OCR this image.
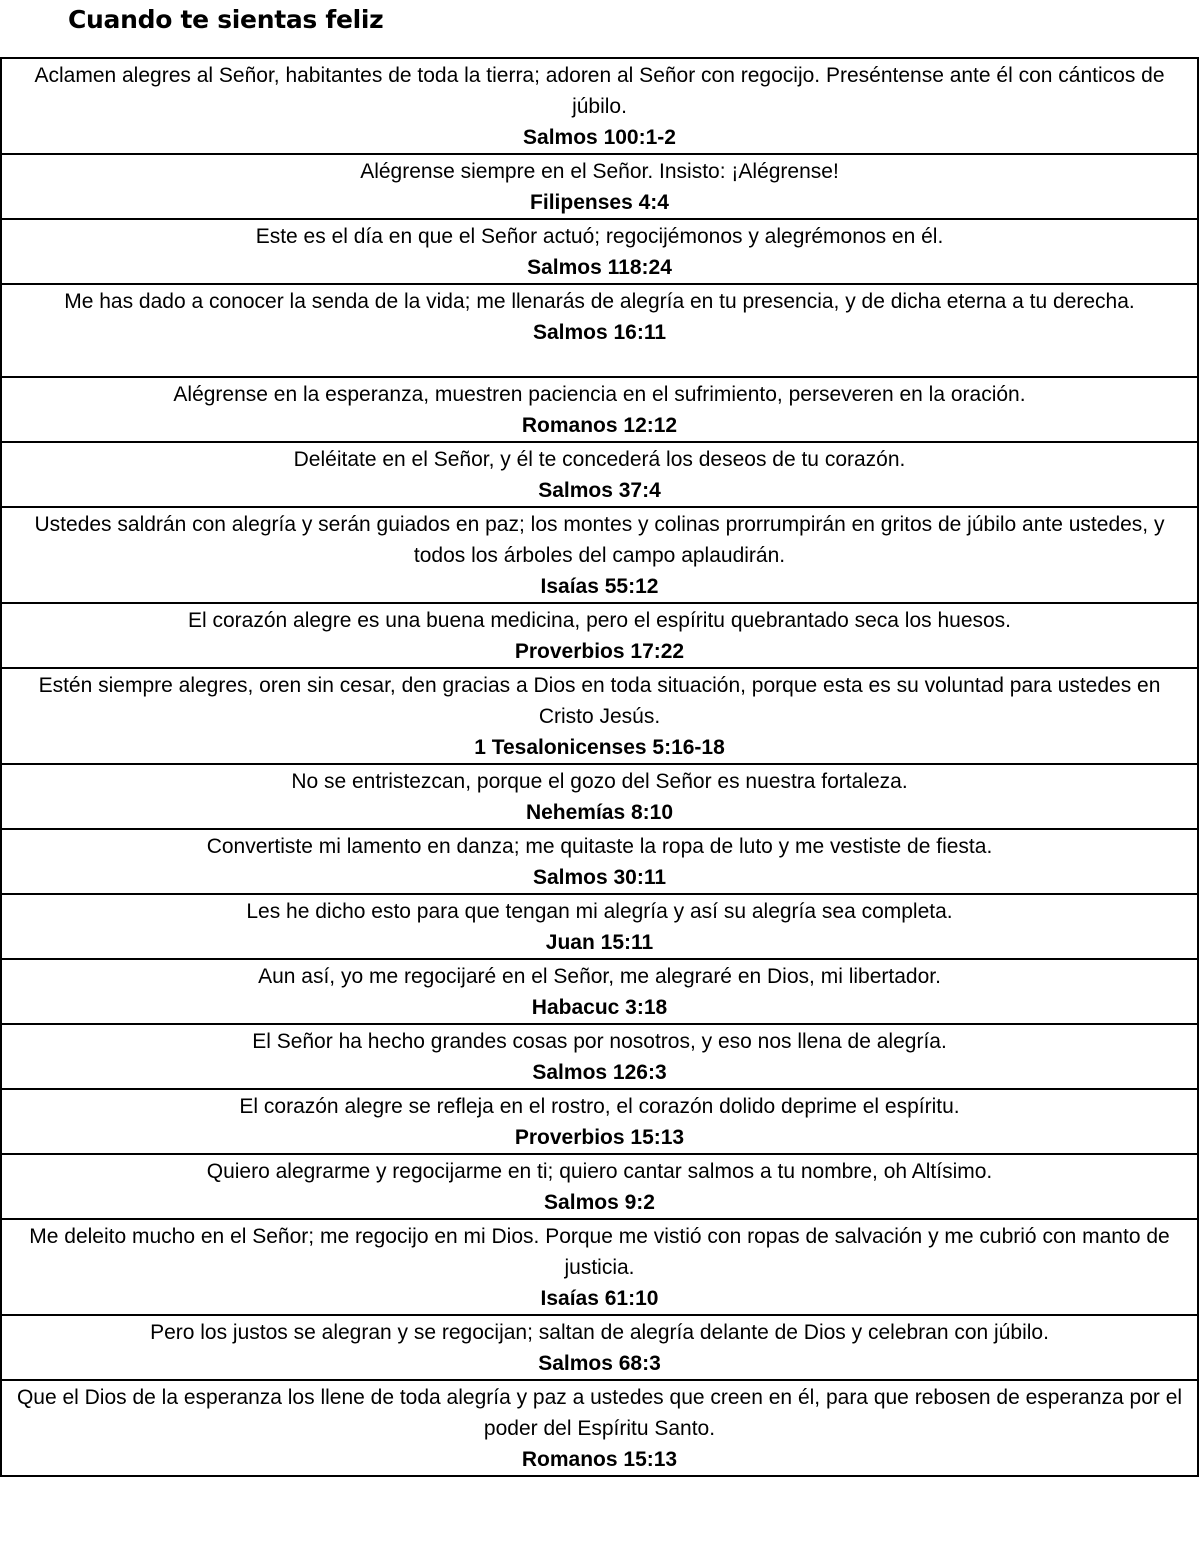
Cuando te sientas feliz
Aclamen alegres al Señor, habitantes de toda la tierra; adoren al Señor con regocijo. Preséntense ante él con cánticos de júbilo.
Salmos 100:1-2

Alégrense siempre en el Señor. Insisto: ¡Alégrense!
Filipenses 4:4

Este es el día en que el Señor actuó; regocijémonos y alegrémonos en él.
Salmos 118:24

Me has dado a conocer la senda de la vida; me llenarás de alegría en tu presencia, y de dicha eterna a tu derecha.
Salmos 16:11

Alégrense en la esperanza, muestren paciencia en el sufrimiento, perseveren en la oración.
Romanos 12:12

Deléitate en el Señor, y él te concederá los deseos de tu corazón.
Salmos 37:4

Ustedes saldrán con alegría y serán guiados en paz; los montes y colinas prorrumpirán en gritos de júbilo ante ustedes, y todos los árboles del campo aplaudirán.
Isaías 55:12

El corazón alegre es una buena medicina, pero el espíritu quebrantado seca los huesos.
Proverbios 17:22

Estén siempre alegres, oren sin cesar, den gracias a Dios en toda situación, porque esta es su voluntad para ustedes en Cristo Jesús.
1 Tesalonicenses 5:16-18

No se entristezcan, porque el gozo del Señor es nuestra fortaleza.
Nehemías 8:10

Convertiste mi lamento en danza; me quitaste la ropa de luto y me vestiste de fiesta.
Salmos 30:11

Les he dicho esto para que tengan mi alegría y así su alegría sea completa.
Juan 15:11

Aun así, yo me regocijaré en el Señor, me alegraré en Dios, mi libertador.
Habacuc 3:18

El Señor ha hecho grandes cosas por nosotros, y eso nos llena de alegría.
Salmos 126:3

El corazón alegre se refleja en el rostro, el corazón dolido deprime el espíritu.
Proverbios 15:13

Quiero alegrarme y regocijarme en ti; quiero cantar salmos a tu nombre, oh Altísimo.
Salmos 9:2

Me deleito mucho en el Señor; me regocijo en mi Dios. Porque me vistió con ropas de salvación y me cubrió con manto de justicia.
Isaías 61:10

Pero los justos se alegran y se regocijan; saltan de alegría delante de Dios y celebran con júbilo.
Salmos 68:3

Que el Dios de la esperanza los llene de toda alegría y paz a ustedes que creen en él, para que rebosen de esperanza por el poder del Espíritu Santo.
Romanos 15:13
